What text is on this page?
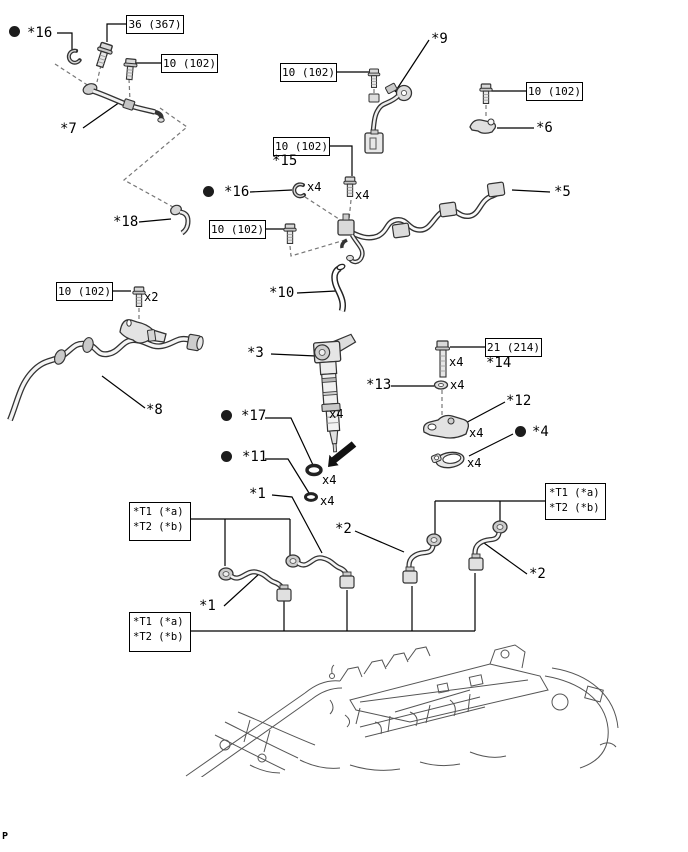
36 (367)
10 (102)
10 (102)
10 (102)
10 (102)
10 (102)
10 (102)
21 (214)
*T1 (*a)
*T2 (*b)
*T1 (*a)
*T2 (*b)
*T1 (*a)
*T2 (*b)
*16
*7
*9
*15
*6
*5
*16
*18
*10
*8
*3
*13
*14
*12
*4
*17
*11
*1
*2
*2
*1
x4
x4
x2
x4
x4
x4
x4
x4
x4
x4
P
